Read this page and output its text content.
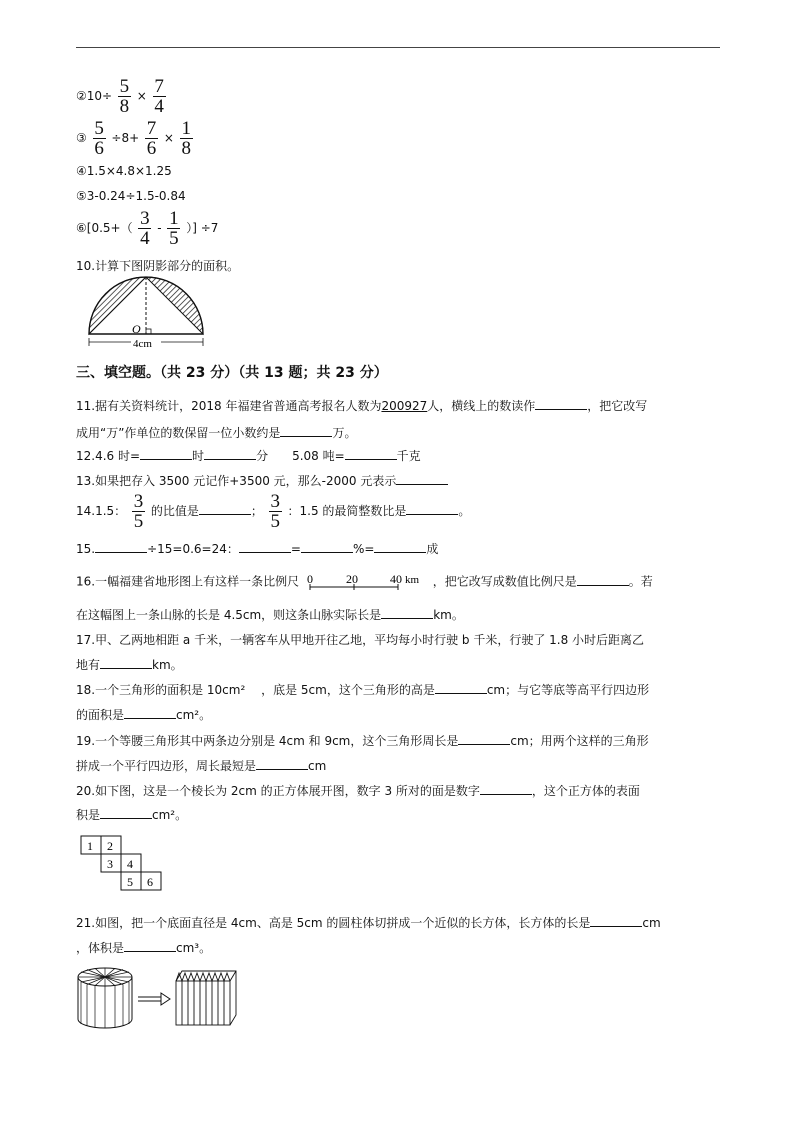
②10÷ $\frac{5}{8} \times \frac{7}{4}$
③ $\frac{5}{6} \div 8+ \frac{7}{6} \times \frac{1}{8}$
④1.5×4.8×1.25
⑤3-0.24÷1.5-0.84
⑥[0.5+（ $\frac{3}{4} - \frac{1}{5}$ ）] ÷7
10.计算下图阴影部分的面积。
O
4cm
三、填空题。（共 23 分）（共 13 题；共 23 分）
11.据有关资料统计，2018 年福建省普通高考报名人数为200927人，横线上的数读作	，把它改写
成用“万”作单位的数保留一位小数约是	万。
12.4.6 时=	时	分　　5.08 吨=	千克
13.如果把存入 3500 元记作+3500 元，那么-2000 元表示
14.1.5： $\frac{3}{5}$ 的比值是	； $\frac{3}{5}$ ：1.5 的最简整数比是	。
15.	÷15=0.6=24：	=	%=	成
16.一幅福建省地形图上有这样一条比例尺 0	20	40 km ，把它改写成数值比例尺是	。若
在这幅图上一条山脉的长是 4.5cm，则这条山脉实际长是	km。
17.甲、乙两地相距 a 千米，一辆客车从甲地开往乙地，平均每小时行驶 b 千米，行驶了 1.8 小时后距离乙
地有	km。
18.一个三角形的面积是 10cm²　 ，底是 5cm，这个三角形的高是	cm；与它等底等高平行四边形
的面积是	cm²。
19.一个等腰三角形其中两条边分别是 4cm 和 9cm，这个三角形周长是	cm；用两个这样的三角形
拼成一个平行四边形，周长最短是	cm
20.如下图，这是一个棱长为 2cm 的正方体展开图，数字 3 所对的面是数字	，这个正方体的表面
积是	cm²。
1 2
3 4
5 6
21.如图，把一个底面直径是 4cm、高是 5cm 的圆柱体切拼成一个近似的长方体，长方体的长是	cm
，体积是	cm³。
